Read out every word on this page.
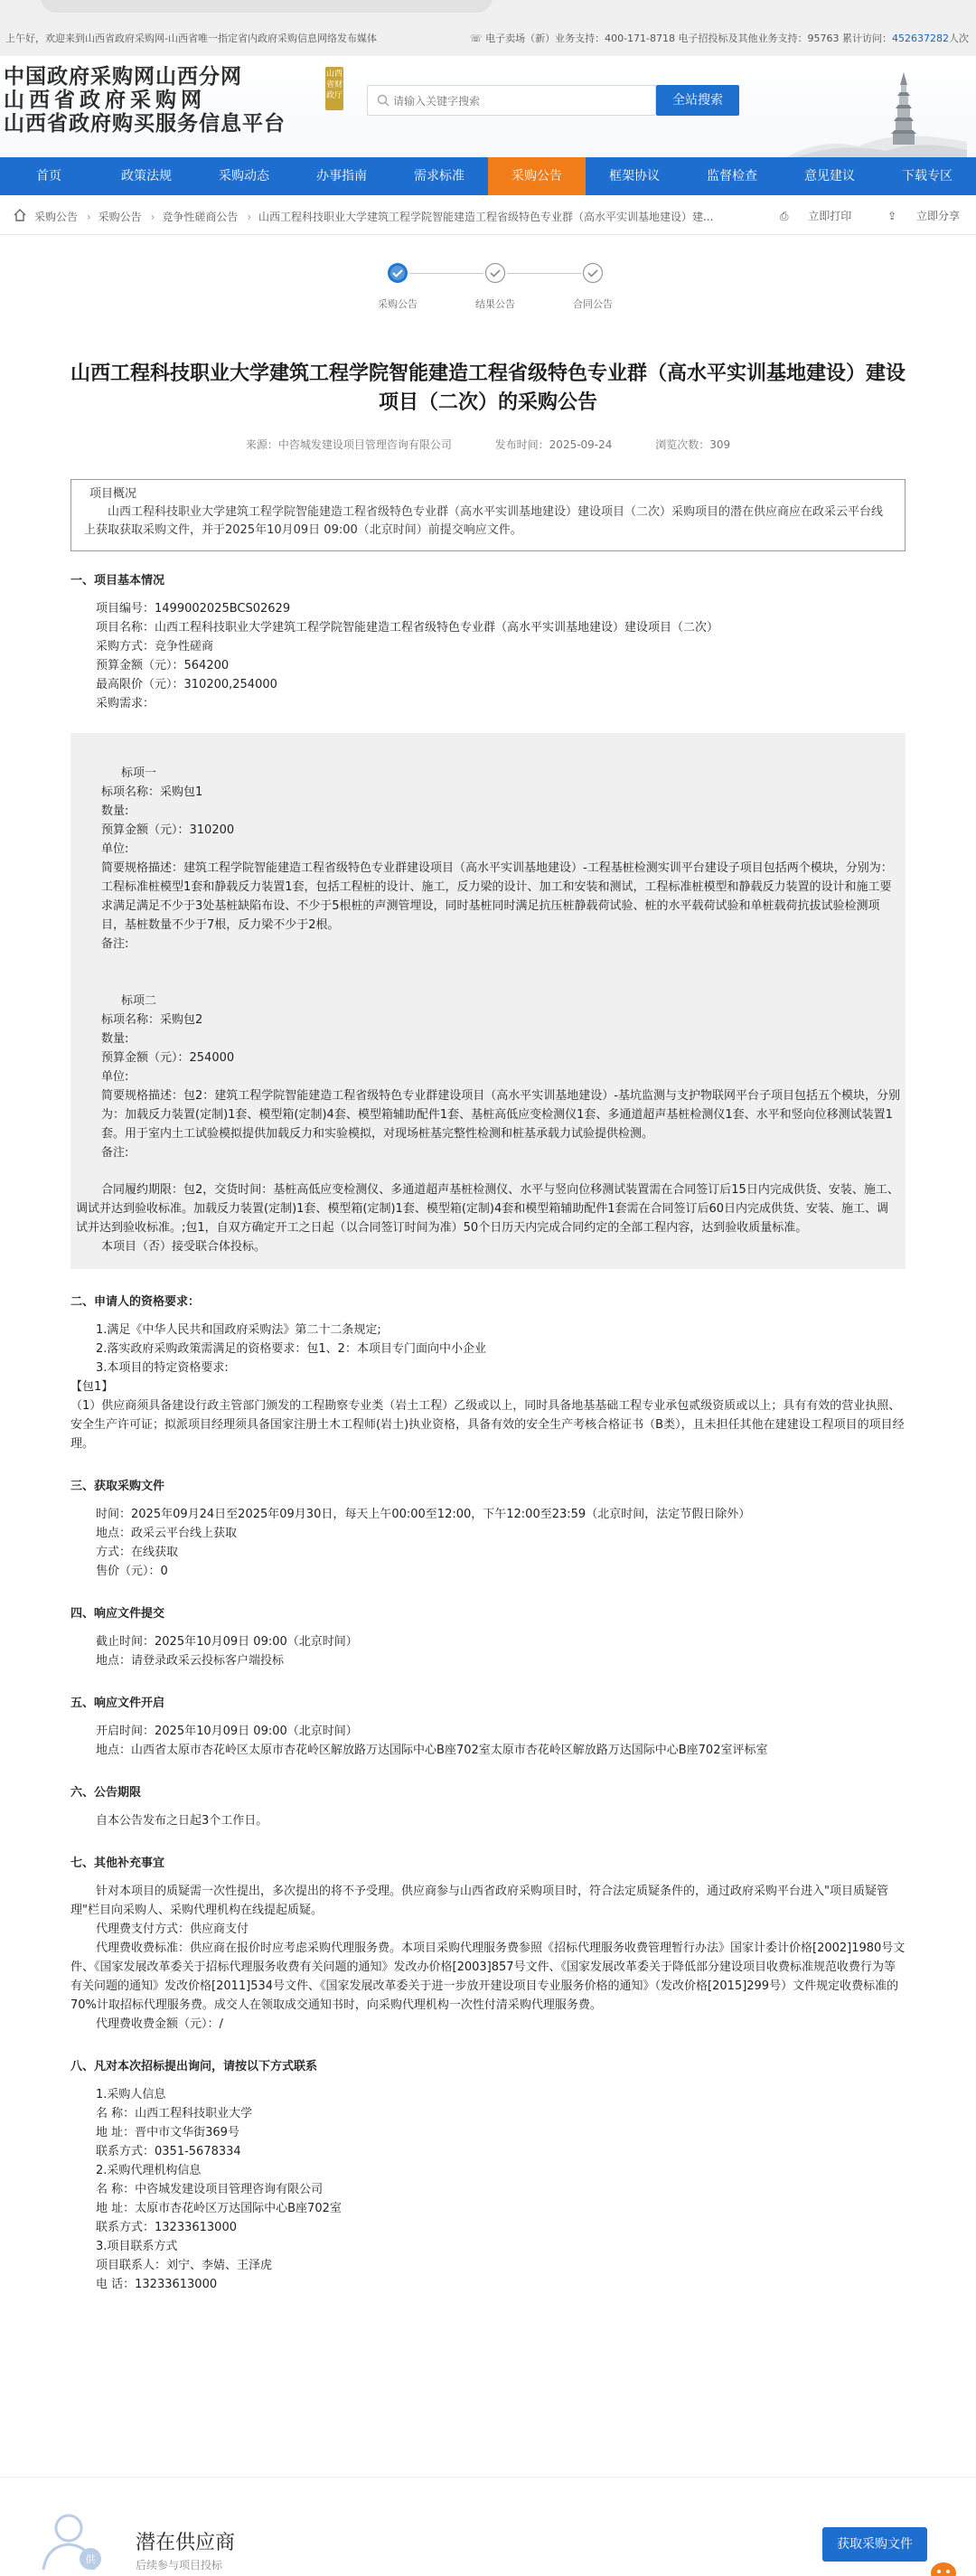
上午好，欢迎来到山西省政府采购网-山西省唯一指定省内政府采购信息网络发布媒体	☏ 电子卖场（新）业务支持：400-171-8718 电子招投标及其他业务支持：95763 累计访问：452637282人次
中国政府采购网山西分网
山西省政府采购网
山西省政府购买服务信息平台
山西省财政厅
请输入关键字搜索	全站搜索
首页	政策法规	采购动态	办事指南	需求标准	采购公告	框架协议	监督检查	意见建议	下载专区
采购公告 › 采购公告 › 竞争性磋商公告 › 山西工程科技职业大学建筑工程学院智能建造工程省级特色专业群（高水平实训基地建设）建...	⎙ 立即打印	⇪ 立即分享
采购公告	结果公告	合同公告
山西工程科技职业大学建筑工程学院智能建造工程省级特色专业群（高水平实训基地建设）建设
项目（二次）的采购公告
来源：中咨城发建设项目管理咨询有限公司	发布时间：2025-09-24	浏览次数：309
项目概况
山西工程科技职业大学建筑工程学院智能建造工程省级特色专业群（高水平实训基地建设）建设项目（二次）采购项目的潜在供应商应在政采云平台线上获取获取采购文件，并于2025年10月09日 09:00（北京时间）前提交响应文件。
一、项目基本情况
项目编号：1499002025BCS02629
项目名称：山西工程科技职业大学建筑工程学院智能建造工程省级特色专业群（高水平实训基地建设）建设项目（二次）
采购方式：竞争性磋商
预算金额（元）：564200
最高限价（元）：310200,254000
采购需求：
标项一
标项名称：采购包1
数量:
预算金额（元）：310200
单位:
简要规格描述：建筑工程学院智能建造工程省级特色专业群建设项目（高水平实训基地建设）-工程基桩检测实训平台建设子项目包括两个模块，分别为：工程标准桩模型1套和静载反力装置1套，包括工程桩的设计、施工，反力梁的设计、加工和安装和测试，工程标准桩模型和静载反力装置的设计和施工要求满足满足不少于3处基桩缺陷布设、不少于5根桩的声测管埋设，同时基桩同时满足抗压桩静载荷试验、桩的水平载荷试验和单桩载荷抗拔试验检测项目，基桩数量不少于7根，反力梁不少于2根。
备注:
标项二
标项名称：采购包2
数量:
预算金额（元）：254000
单位:
简要规格描述：包2：建筑工程学院智能建造工程省级特色专业群建设项目（高水平实训基地建设）-基坑监测与支护物联网平台子项目包括五个模块，分别为：加载反力装置(定制)1套、模型箱(定制)4套、模型箱辅助配件1套、基桩高低应变检测仪1套、多通道超声基桩检测仪1套、水平和竖向位移测试装置1套。用于室内土工试验模拟提供加载反力和实验模拟，对现场桩基完整性检测和桩基承载力试验提供检测。
备注:
合同履约期限：包2，交货时间：基桩高低应变检测仪、多通道超声基桩检测仪、水平与竖向位移测试装置需在合同签订后15日内完成供货、安装、施工、调试并达到验收标准。加载反力装置(定制)1套、模型箱(定制)1套、模型箱(定制)4套和模型箱辅助配件1套需在合同签订后60日内完成供货、安装、施工、调试并达到验收标准。;包1，自双方确定开工之日起（以合同签订时间为准）50个日历天内完成合同约定的全部工程内容，达到验收质量标准。
本项目（否）接受联合体投标。
二、申请人的资格要求：
1.满足《中华人民共和国政府采购法》第二十二条规定;
2.落实政府采购政策需满足的资格要求：包1、2：本项目专门面向中小企业
3.本项目的特定资格要求:
【包1】
（1）供应商须具备建设行政主管部门颁发的工程勘察专业类（岩土工程）乙级或以上，同时具备地基基础工程专业承包贰级资质或以上；具有有效的营业执照、安全生产许可证；拟派项目经理须具备国家注册土木工程师(岩土)执业资格，具备有效的安全生产考核合格证书（B类），且未担任其他在建建设工程项目的项目经理。
三、获取采购文件
时间：2025年09月24日至2025年09月30日，每天上午00:00至12:00，下午12:00至23:59（北京时间，法定节假日除外）
地点：政采云平台线上获取
方式：在线获取
售价（元）：0
四、响应文件提交
截止时间：2025年10月09日 09:00（北京时间）
地点：请登录政采云投标客户端投标
五、响应文件开启
开启时间：2025年10月09日 09:00（北京时间）
地点：山西省太原市杏花岭区太原市杏花岭区解放路万达国际中心B座702室太原市杏花岭区解放路万达国际中心B座702室评标室
六、公告期限
自本公告发布之日起3个工作日。
七、其他补充事宜
针对本项目的质疑需一次性提出，多次提出的将不予受理。供应商参与山西省政府采购项目时，符合法定质疑条件的，通过政府采购平台进入"项目质疑管理"栏目向采购人、采购代理机构在线提起质疑。
代理费支付方式：供应商支付
代理费收费标准：供应商在报价时应考虑采购代理服务费。本项目采购代理服务费参照《招标代理服务收费管理暂行办法》国家计委计价格[2002]1980号文件、《国家发展改革委关于招标代理服务收费有关问题的通知》发改办价格[2003]857号文件、《国家发展改革委关于降低部分建设项目收费标准规范收费行为等有关问题的通知》发改价格[2011]534号文件、《国家发展改革委关于进一步放开建设项目专业服务价格的通知》（发改价格[2015]299号）文件规定收费标准的70%计取招标代理服务费。成交人在领取成交通知书时，向采购代理机构一次性付清采购代理服务费。
代理费收费金额（元）：/
八、凡对本次招标提出询问，请按以下方式联系
1.采购人信息
名 称：山西工程科技职业大学
地 址：晋中市文华街369号
联系方式：0351-5678334
2.采购代理机构信息
名 称：中咨城发建设项目管理咨询有限公司
地 址：太原市杏花岭区万达国际中心B座702室
联系方式：13233613000
3.项目联系方式
项目联系人：刘宁、李婧、王泽虎
电 话：13233613000
供
潜在供应商
后续参与项目投标
获取采购文件
